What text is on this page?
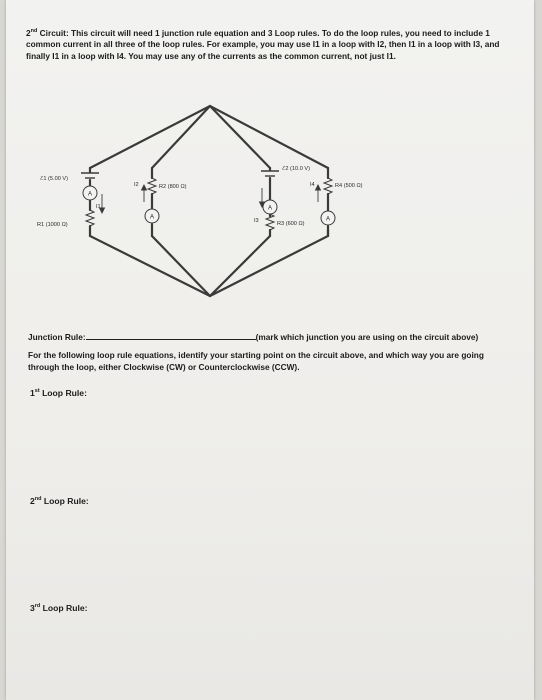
2nd Circuit: This circuit will need 1 junction rule equation and 3 Loop rules. To do the loop rules, you need to include 1 common current in all three of the loop rules. For example, you may use I1 in a loop with I2, then I1 in a loop with I3, and finally I1 in a loop with I4. You may use any of the currents as the common current, not just I1.
A
A
A
A
ℰ1 (5.00 V)
ℰ2 (10.0 V)
R1 (1000 Ω)
R2 (800 Ω)
R3 (600 Ω)
R4 (500 Ω)
I1
I2
I3
I4
Junction Rule:	(mark which junction you are using on the circuit above)
For the following loop rule equations, identify your starting point on the circuit above, and which way you are going through the loop, either Clockwise (CW) or Counterclockwise (CCW).
1st Loop Rule:
2nd Loop Rule:
3rd Loop Rule:
